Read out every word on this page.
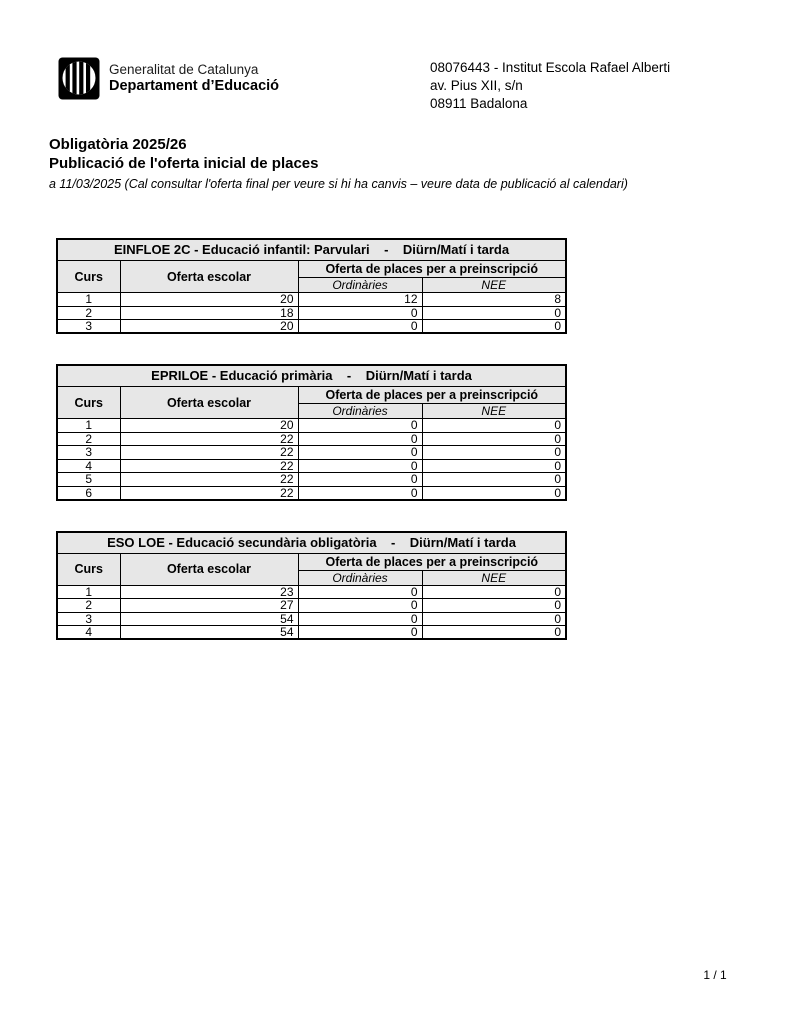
Generalitat de Catalunya
Departament d’Educació
08076443 - Institut Escola Rafael Alberti
av. Pius XII, s/n
08911 Badalona
Obligatòria 2025/26
Publicació de l'oferta inicial de places
a 11/03/2025 (Cal consultar l'oferta final per veure si hi ha canvis – veure data de publicació al calendari)
EINFLOE 2C - Educació infantil: Parvulari    -    Diürn/Matí i tarda			
Curs	Oferta escolar	Oferta de places per a preinscripció	
		Ordinàries	NEE
1	20	12	8
2	18	0	0
3	20	0	0
EPRILOE - Educació primària    -    Diürn/Matí i tarda			
Curs	Oferta escolar	Oferta de places per a preinscripció	
		Ordinàries	NEE
1	20	0	0
2	22	0	0
3	22	0	0
4	22	0	0
5	22	0	0
6	22	0	0
ESO LOE - Educació secundària obligatòria    -    Diürn/Matí i tarda			
Curs	Oferta escolar	Oferta de places per a preinscripció	
		Ordinàries	NEE
1	23	0	0
2	27	0	0
3	54	0	0
4	54	0	0
1 / 1
